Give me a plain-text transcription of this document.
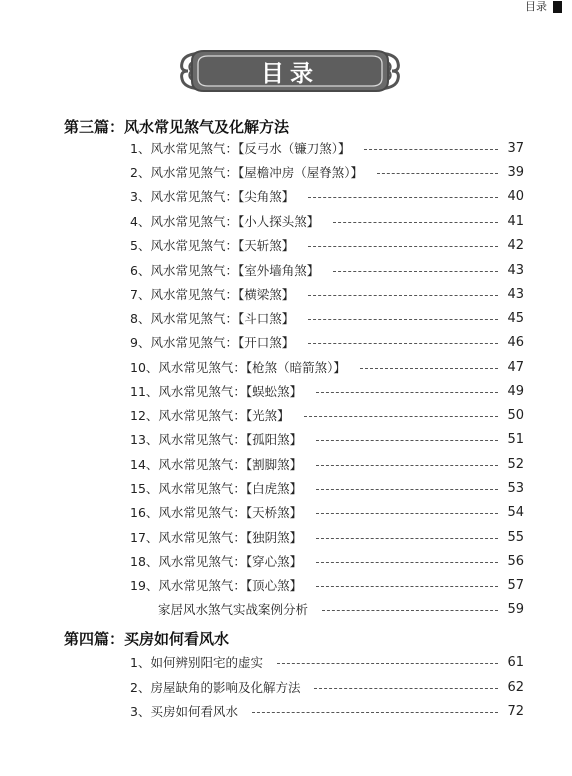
目录
目录
第三篇：风水常见煞气及化解方法
1、风水常见煞气：【反弓水（镰刀煞）】	37
2、风水常见煞气：【屋檐冲房（屋脊煞）】	39
3、风水常见煞气：【尖角煞】	40
4、风水常见煞气：【小人探头煞】	41
5、风水常见煞气：【天斩煞】	42
6、风水常见煞气：【室外墙角煞】	43
7、风水常见煞气：【横梁煞】	43
8、风水常见煞气：【斗口煞】	45
9、风水常见煞气：【开口煞】	46
10、风水常见煞气：【枪煞（暗箭煞）】	47
11、风水常见煞气：【蜈蚣煞】	49
12、风水常见煞气：【光煞】	50
13、风水常见煞气：【孤阳煞】	51
14、风水常见煞气：【割脚煞】	52
15、风水常见煞气：【白虎煞】	53
16、风水常见煞气：【天桥煞】	54
17、风水常见煞气：【独阴煞】	55
18、风水常见煞气：【穿心煞】	56
19、风水常见煞气：【顶心煞】	57
家居风水煞气实战案例分析	59
第四篇：买房如何看风水
1、如何辨别阳宅的虚实	61
2、房屋缺角的影响及化解方法	62
3、买房如何看风水	72
